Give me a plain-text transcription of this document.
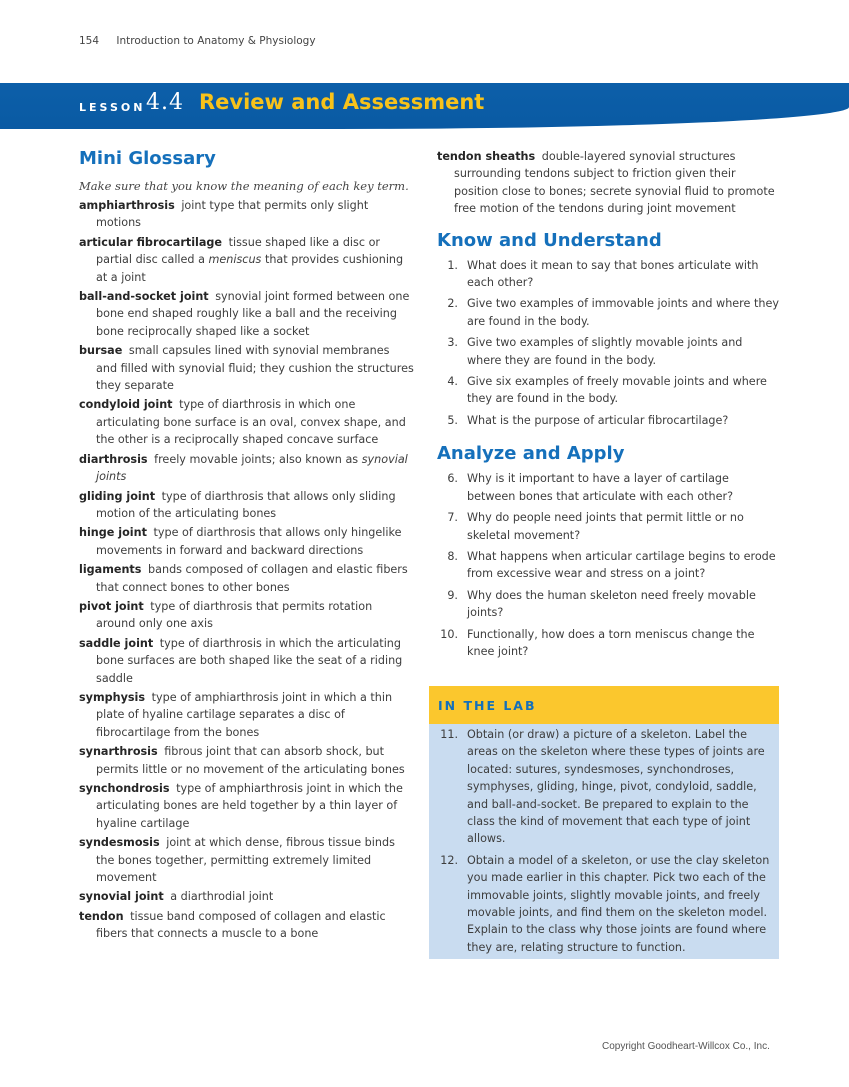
154 Introduction to Anatomy & Physiology
LESSON 4.4 Review and Assessment
Mini Glossary
Make sure that you know the meaning of each key term.
amphiarthrosis joint type that permits only slight motions
articular fibrocartilage tissue shaped like a disc or partial disc called a meniscus that provides cushioning at a joint
ball-and-socket joint synovial joint formed between one bone end shaped roughly like a ball and the receiving bone reciprocally shaped like a socket
bursae small capsules lined with synovial membranes and filled with synovial fluid; they cushion the structures they separate
condyloid joint type of diarthrosis in which one articulating bone surface is an oval, convex shape, and the other is a reciprocally shaped concave surface
diarthrosis freely movable joints; also known as synovial joints
gliding joint type of diarthrosis that allows only sliding motion of the articulating bones
hinge joint type of diarthrosis that allows only hingelike movements in forward and backward directions
ligaments bands composed of collagen and elastic fibers that connect bones to other bones
pivot joint type of diarthrosis that permits rotation around only one axis
saddle joint type of diarthrosis in which the articulating bone surfaces are both shaped like the seat of a riding saddle
symphysis type of amphiarthrosis joint in which a thin plate of hyaline cartilage separates a disc of fibrocartilage from the bones
synarthrosis fibrous joint that can absorb shock, but permits little or no movement of the articulating bones
synchondrosis type of amphiarthrosis joint in which the articulating bones are held together by a thin layer of hyaline cartilage
syndesmosis joint at which dense, fibrous tissue binds the bones together, permitting extremely limited movement
synovial joint a diarthrodial joint
tendon tissue band composed of collagen and elastic fibers that connects a muscle to a bone
tendon sheaths double-layered synovial structures surrounding tendons subject to friction given their position close to bones; secrete synovial fluid to promote free motion of the tendons during joint movement
Know and Understand
1. What does it mean to say that bones articulate with each other?
2. Give two examples of immovable joints and where they are found in the body.
3. Give two examples of slightly movable joints and where they are found in the body.
4. Give six examples of freely movable joints and where they are found in the body.
5. What is the purpose of articular fibrocartilage?
Analyze and Apply
6. Why is it important to have a layer of cartilage between bones that articulate with each other?
7. Why do people need joints that permit little or no skeletal movement?
8. What happens when articular cartilage begins to erode from excessive wear and stress on a joint?
9. Why does the human skeleton need freely movable joints?
10. Functionally, how does a torn meniscus change the knee joint?
IN THE LAB
11. Obtain (or draw) a picture of a skeleton. Label the areas on the skeleton where these types of joints are located: sutures, syndesmoses, synchondroses, symphyses, gliding, hinge, pivot, condyloid, saddle, and ball-and-socket. Be prepared to explain to the class the kind of movement that each type of joint allows.
12. Obtain a model of a skeleton, or use the clay skeleton you made earlier in this chapter. Pick two each of the immovable joints, slightly movable joints, and freely movable joints, and find them on the skeleton model. Explain to the class why those joints are found where they are, relating structure to function.
Copyright Goodheart-Willcox Co., Inc.
